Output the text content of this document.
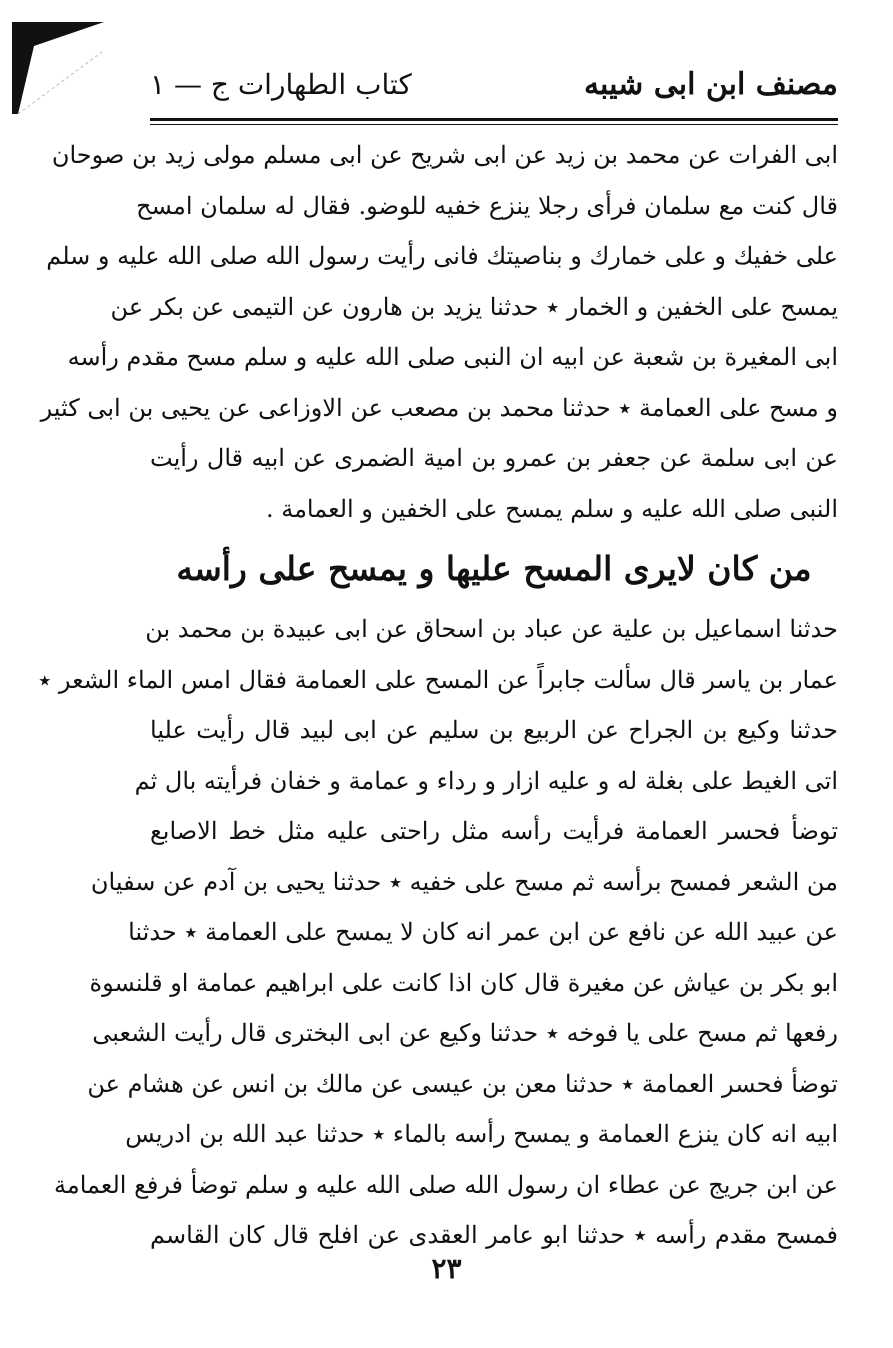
مصنف ابن ابى شيبه
كتاب الطهارات ج — ١
ابى الفرات عن محمد بن زيد عن ابى شريح عن ابى مسلم مولى زيد بن صوحان
قال كنت مع سلمان فرأى رجلا ينزع خفيه للوضو. فقال له سلمان امسح
على خفيك و على خمارك و بناصيتك فانى رأيت رسول الله صلى الله عليه و سلم
يمسح على الخفين و الخمار ٭ حدثنا يزيد بن هارون عن التيمى عن بكر عن
ابى المغيرة بن شعبة عن ابيه ان النبى صلى الله عليه و سلم مسح مقدم رأسه
و مسح على العمامة ٭ حدثنا محمد بن مصعب عن الاوزاعى عن يحيى بن ابى كثير
عن ابى سلمة عن جعفر بن عمرو بن امية الضمرى عن ابيه قال رأيت
النبى صلى الله عليه و سلم يمسح على الخفين و العمامة .
من كان لايرى المسح عليها و يمسح على رأسه
حدثنا اسماعيل بن علية عن عباد بن اسحاق عن ابى عبيدة بن محمد بن
عمار بن ياسر قال سألت جابراً عن المسح على العمامة فقال امس الماء الشعر ٭
حدثنا وكيع بن الجراح عن الربيع بن سليم عن ابى لبيد قال رأيت عليا
اتى الغيط على بغلة له و عليه ازار و رداء و عمامة و خفان فرأيته بال ثم
توضأ فحسر العمامة فرأيت رأسه مثل راحتى عليه مثل خط الاصابع
من الشعر فمسح برأسه ثم مسح على خفيه ٭ حدثنا يحيى بن آدم عن سفيان
عن عبيد الله عن نافع عن ابن عمر انه كان لا يمسح على العمامة ٭ حدثنا
ابو بكر بن عياش عن مغيرة قال كان اذا كانت على ابراهيم عمامة او قلنسوة
رفعها ثم مسح على يا فوخه ٭ حدثنا وكيع عن ابى البخترى قال رأيت الشعبى
توضأ فحسر العمامة ٭ حدثنا معن بن عيسى عن مالك بن انس عن هشام عن
ابيه انه كان ينزع العمامة و يمسح رأسه بالماء ٭ حدثنا عبد الله بن ادريس
عن ابن جريج عن عطاء ان رسول الله صلى الله عليه و سلم توضأ فرفع العمامة
فمسح مقدم رأسه ٭ حدثنا ابو عامر العقدى عن افلح قال كان القاسم
٢٣
